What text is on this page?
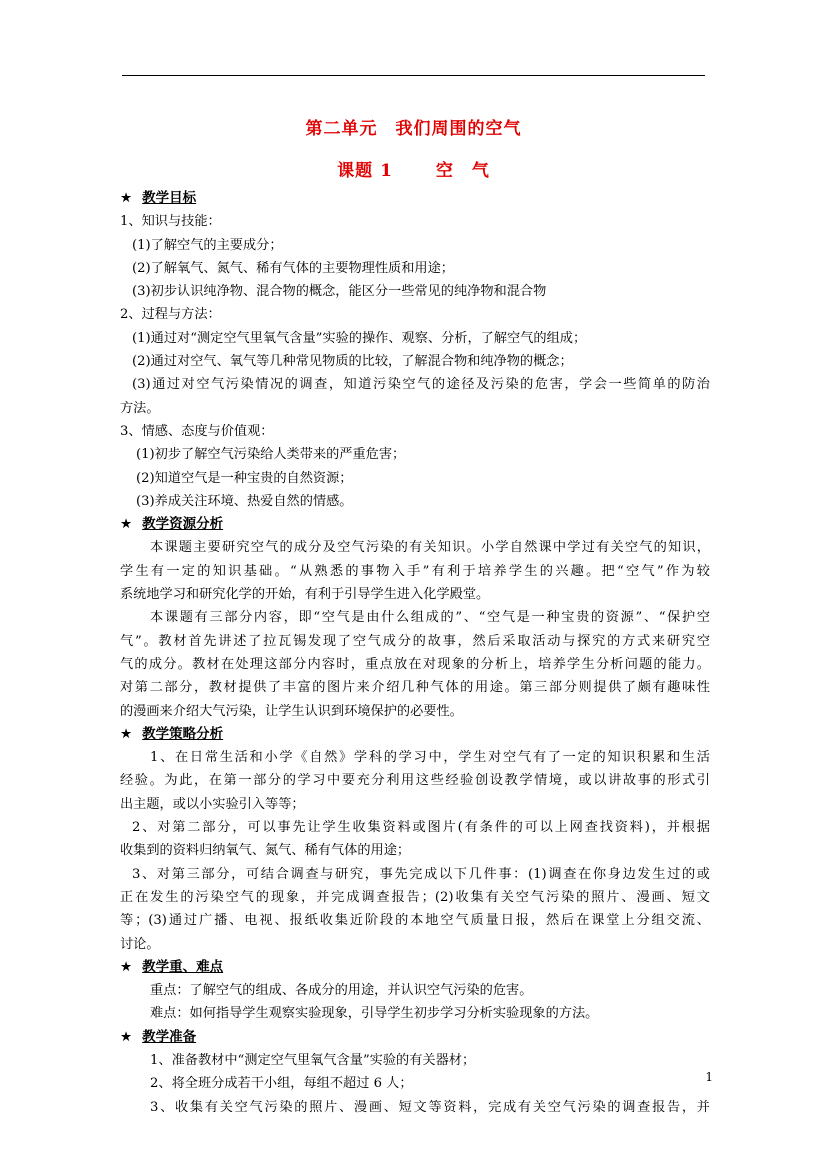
第二单元　我们周围的空气
课题 1　　 空　气
★ 教学目标
1、知识与技能：
(1)了解空气的主要成分；
(2)了解氧气、氮气、稀有气体的主要物理性质和用途；
(3)初步认识纯净物、混合物的概念，能区分一些常见的纯净物和混合物
2、过程与方法：
(1)通过对“测定空气里氧气含量”实验的操作、观察、分析，了解空气的组成；
(2)通过对空气、氧气等几种常见物质的比较，了解混合物和纯净物的概念；
(3)通过对空气污染情况的调查，知道污染空气的途径及污染的危害，学会一些简单的防治
方法。
3、情感、态度与价值观：
(1)初步了解空气污染给人类带来的严重危害；
(2)知道空气是一种宝贵的自然资源；
(3)养成关注环境、热爱自然的情感。
★ 教学资源分析
本课题主要研究空气的成分及空气污染的有关知识。小学自然课中学过有关空气的知识，
学生有一定的知识基础。“从熟悉的事物入手”有利于培养学生的兴趣。把“空气”作为较
系统地学习和研究化学的开始，有利于引导学生进入化学殿堂。
本课题有三部分内容，即“空气是由什么组成的”、“空气是一种宝贵的资源”、“保护空
气”。教材首先讲述了拉瓦锡发现了空气成分的故事，然后采取活动与探究的方式来研究空
气的成分。教材在处理这部分内容时，重点放在对现象的分析上，培养学生分析问题的能力。
对第二部分，教材提供了丰富的图片来介绍几种气体的用途。第三部分则提供了颇有趣味性
的漫画来介绍大气污染，让学生认识到环境保护的必要性。
★ 教学策略分析
1、在日常生活和小学《自然》学科的学习中，学生对空气有了一定的知识积累和生活
经验。为此，在第一部分的学习中要充分利用这些经验创设教学情境，或以讲故事的形式引
出主题，或以小实验引入等等；
2、对第二部分，可以事先让学生收集资料或图片(有条件的可以上网查找资料)，并根据
收集到的资料归纳氧气、氮气、稀有气体的用途；
3、对第三部分，可结合调查与研究，事先完成以下几件事：(1)调查在你身边发生过的或
正在发生的污染空气的现象，并完成调查报告；(2)收集有关空气污染的照片、漫画、短文
等；(3)通过广播、电视、报纸收集近阶段的本地空气质量日报，然后在课堂上分组交流、
讨论。
★ 教学重、难点
重点：了解空气的组成、各成分的用途，并认识空气污染的危害。
难点：如何指导学生观察实验现象，引导学生初步学习分析实验现象的方法。
★ 教学准备
1、准备教材中“测定空气里氧气含量”实验的有关器材；
2、将全班分成若干小组，每组不超过 6 人；
3、收集有关空气污染的照片、漫画、短文等资料，完成有关空气污染的调查报告，并
1
